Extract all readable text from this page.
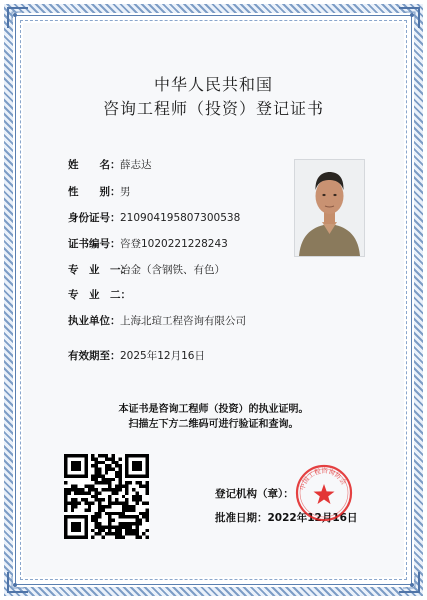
中华人民共和国
咨询工程师（投资）登记证书
姓　　名：薛志达
性　　别：男
身份证号：210904195807300538
证书编号：咨登1020221228243
专　业　一：冶金（含钢铁、有色）
专　业　二：
执业单位：上海北瑄工程咨询有限公司
有效期至：2025年12月16日
本证书是咨询工程师（投资）的执业证明。
扫描左下方二维码可进行验证和查询。
登记机构（章）：
批准日期：2022年12月16日
中国工程咨询协会
